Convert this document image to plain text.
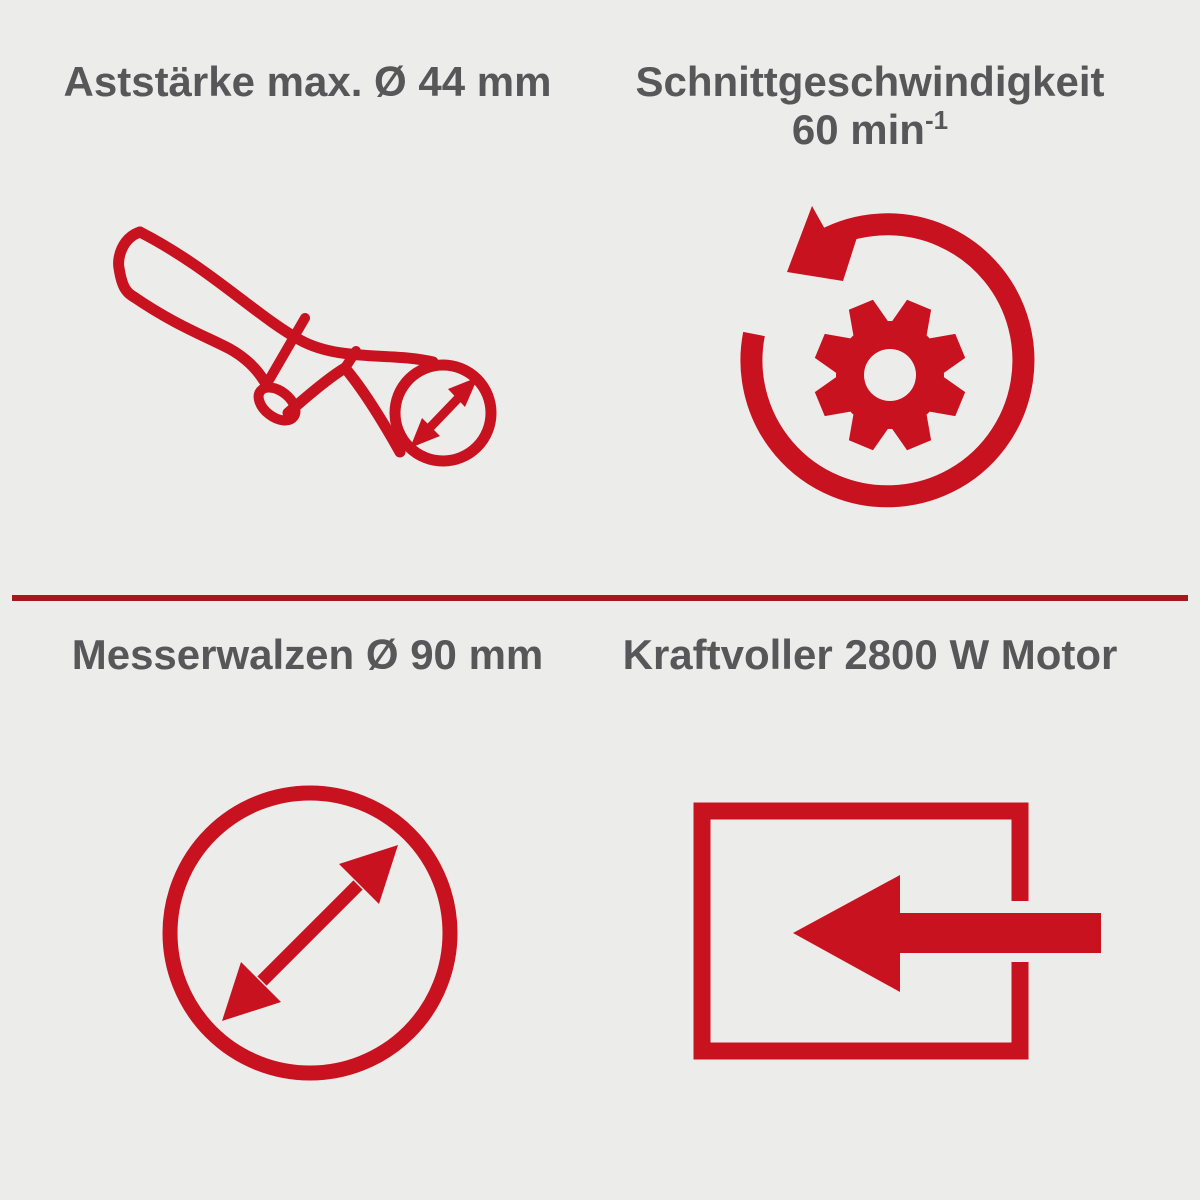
Aststärke max. Ø 44 mm	Schnittgeschwindigkeit
60 $\min^{-1}$
Messerwalzen Ø 90 mm	Kraftvoller 2800 W Motor
